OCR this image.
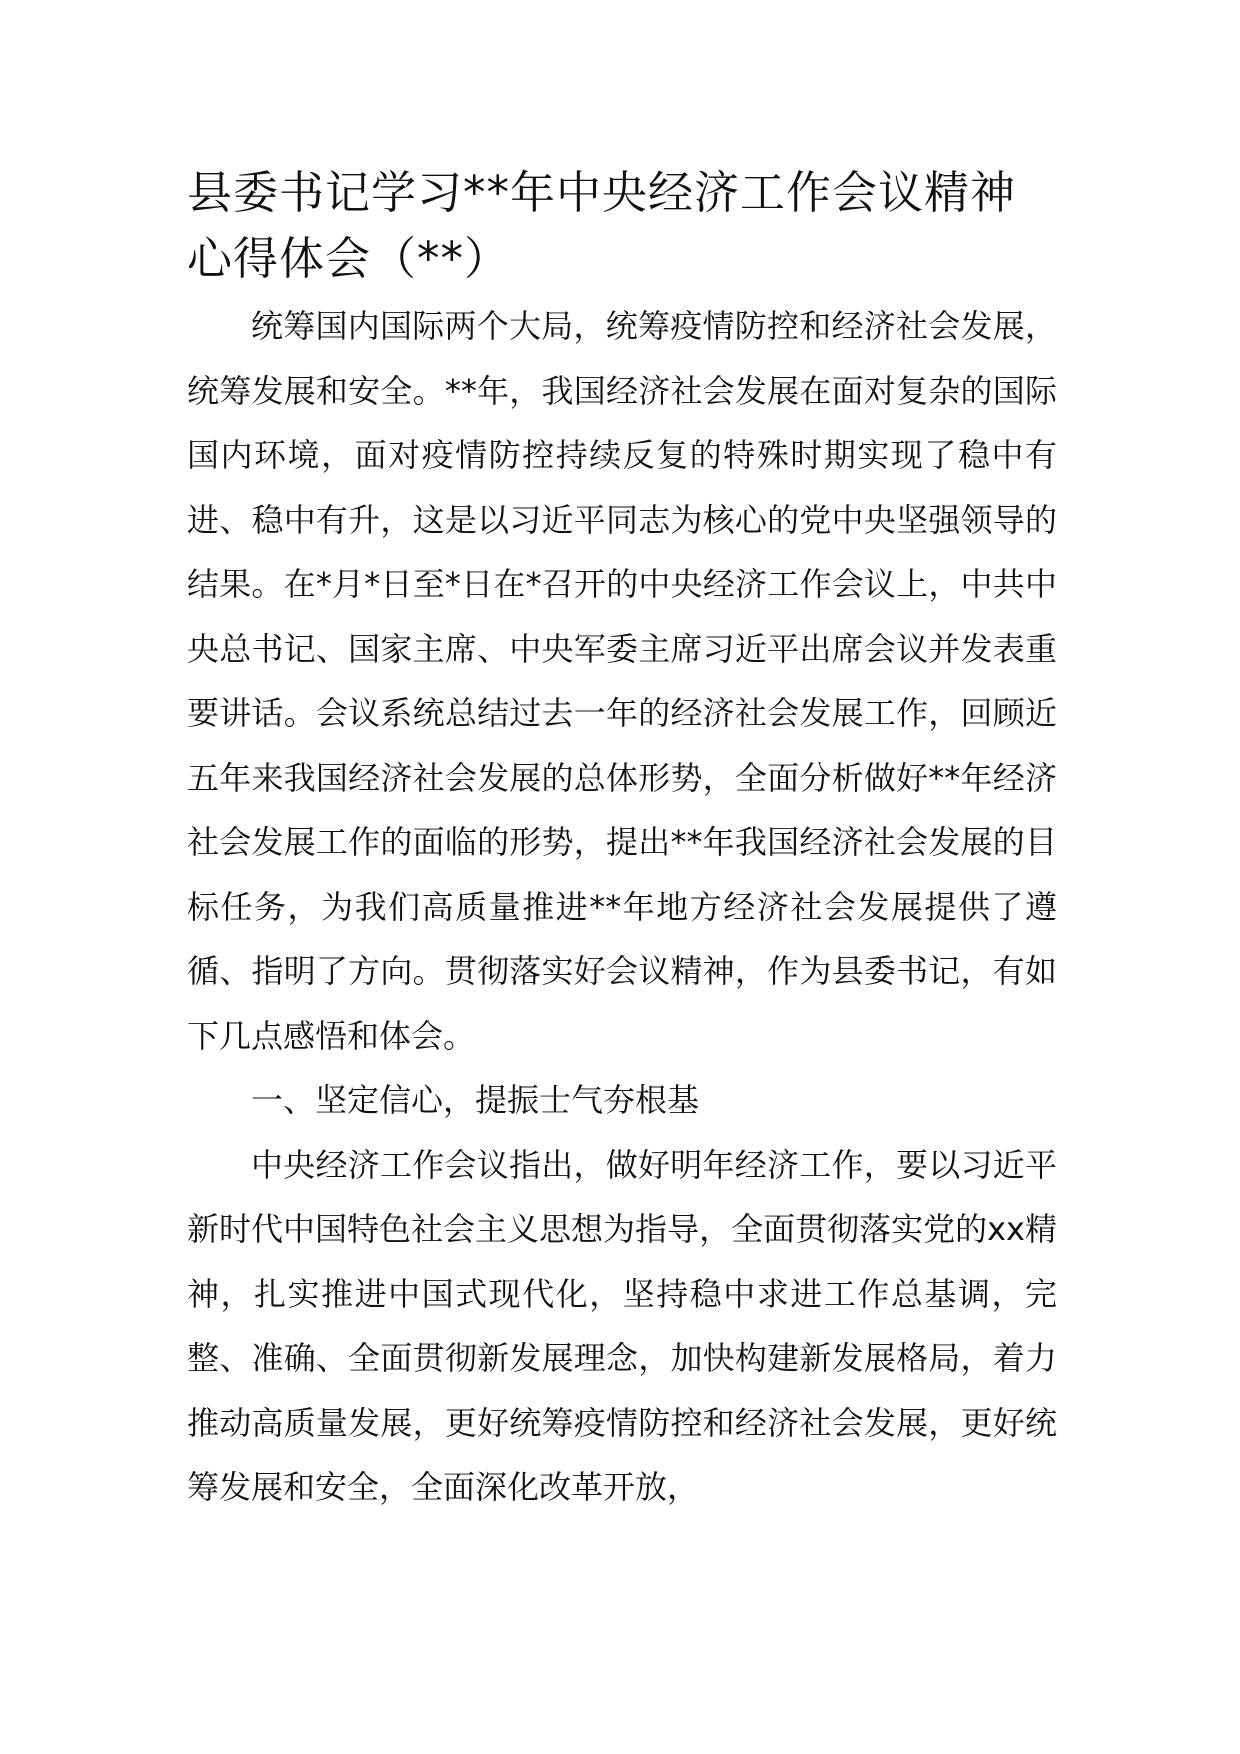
县委书记学习**年中央经济工作会议精神心得体会（**）

统筹国内国际两个大局，统筹疫情防控和经济社会发展，统筹发展和安全。**年，我国经济社会发展在面对复杂的国际国内环境，面对疫情防控持续反复的特殊时期实现了稳中有进、稳中有升，这是以习近平同志为核心的党中央坚强领导的结果。在*月*日至*日在*召开的中央经济工作会议上，中共中央总书记、国家主席、中央军委主席习近平出席会议并发表重要讲话。会议系统总结过去一年的经济社会发展工作，回顾近五年来我国经济社会发展的总体形势，全面分析做好**年经济社会发展工作的面临的形势，提出**年我国经济社会发展的目标任务，为我们高质量推进**年地方经济社会发展提供了遵循、指明了方向。贯彻落实好会议精神，作为县委书记，有如下几点感悟和体会。

一、坚定信心，提振士气夯根基

中央经济工作会议指出，做好明年经济工作，要以习近平新时代中国特色社会主义思想为指导，全面贯彻落实党的xx精神，扎实推进中国式现代化，坚持稳中求进工作总基调，完整、准确、全面贯彻新发展理念，加快构建新发展格局，着力推动高质量发展，更好统筹疫情防控和经济社会发展，更好统筹发展和安全，全面深化改革开放，
